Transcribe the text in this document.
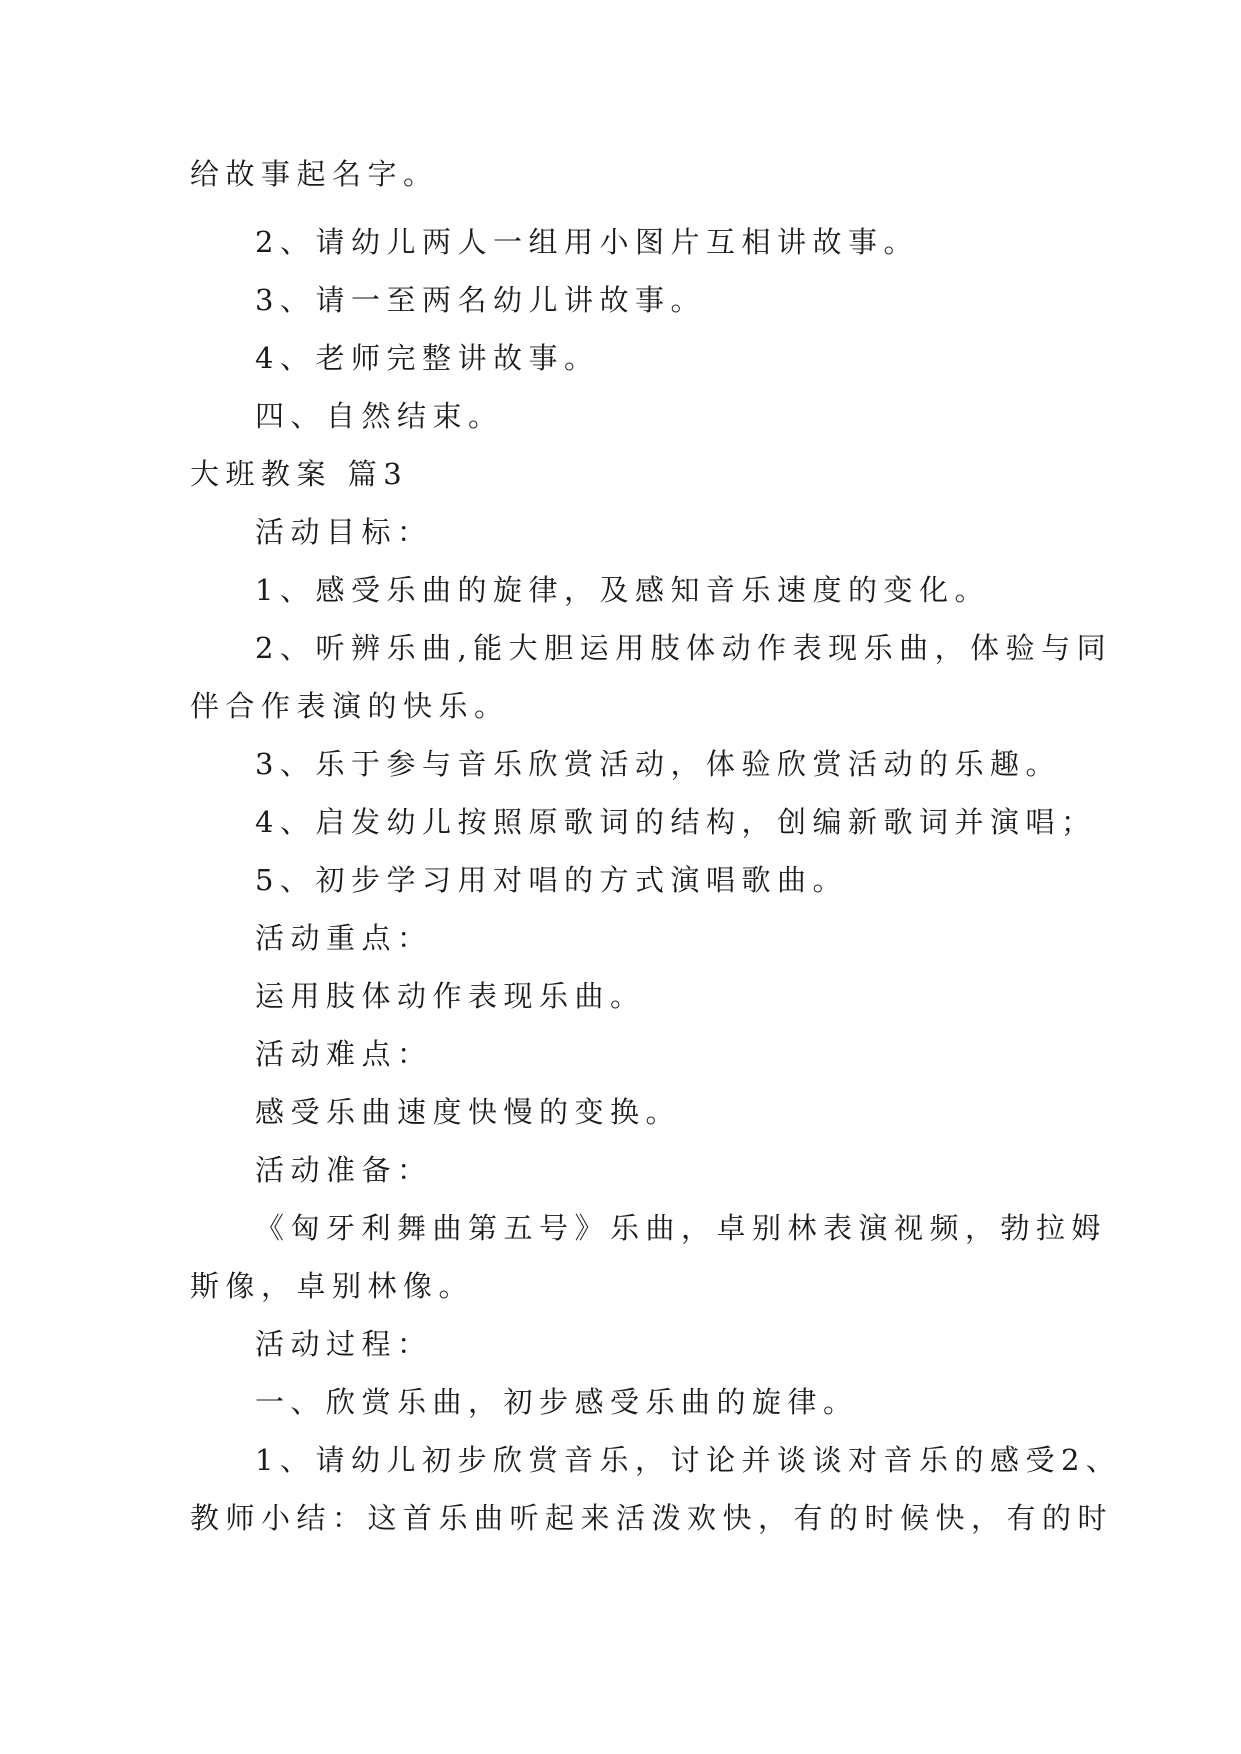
给故事起名字。
2、请幼儿两人一组用小图片互相讲故事。
3、请一至两名幼儿讲故事。
4、老师完整讲故事。
四、自然结束。
大班教案 篇3
活动目标：
1、感受乐曲的旋律，及感知音乐速度的变化。
2、听辨乐曲,能大胆运用肢体动作表现乐曲，体验与同
伴合作表演的快乐。
3、乐于参与音乐欣赏活动，体验欣赏活动的乐趣。
4、启发幼儿按照原歌词的结构，创编新歌词并演唱；
5、初步学习用对唱的方式演唱歌曲。
活动重点：
运用肢体动作表现乐曲。
活动难点：
感受乐曲速度快慢的变换。
活动准备：
《匈牙利舞曲第五号》乐曲，卓别林表演视频，勃拉姆
斯像，卓别林像。
活动过程：
一、欣赏乐曲，初步感受乐曲的旋律。
1、请幼儿初步欣赏音乐，讨论并谈谈对音乐的感受2、
教师小结：这首乐曲听起来活泼欢快，有的时候快，有的时
